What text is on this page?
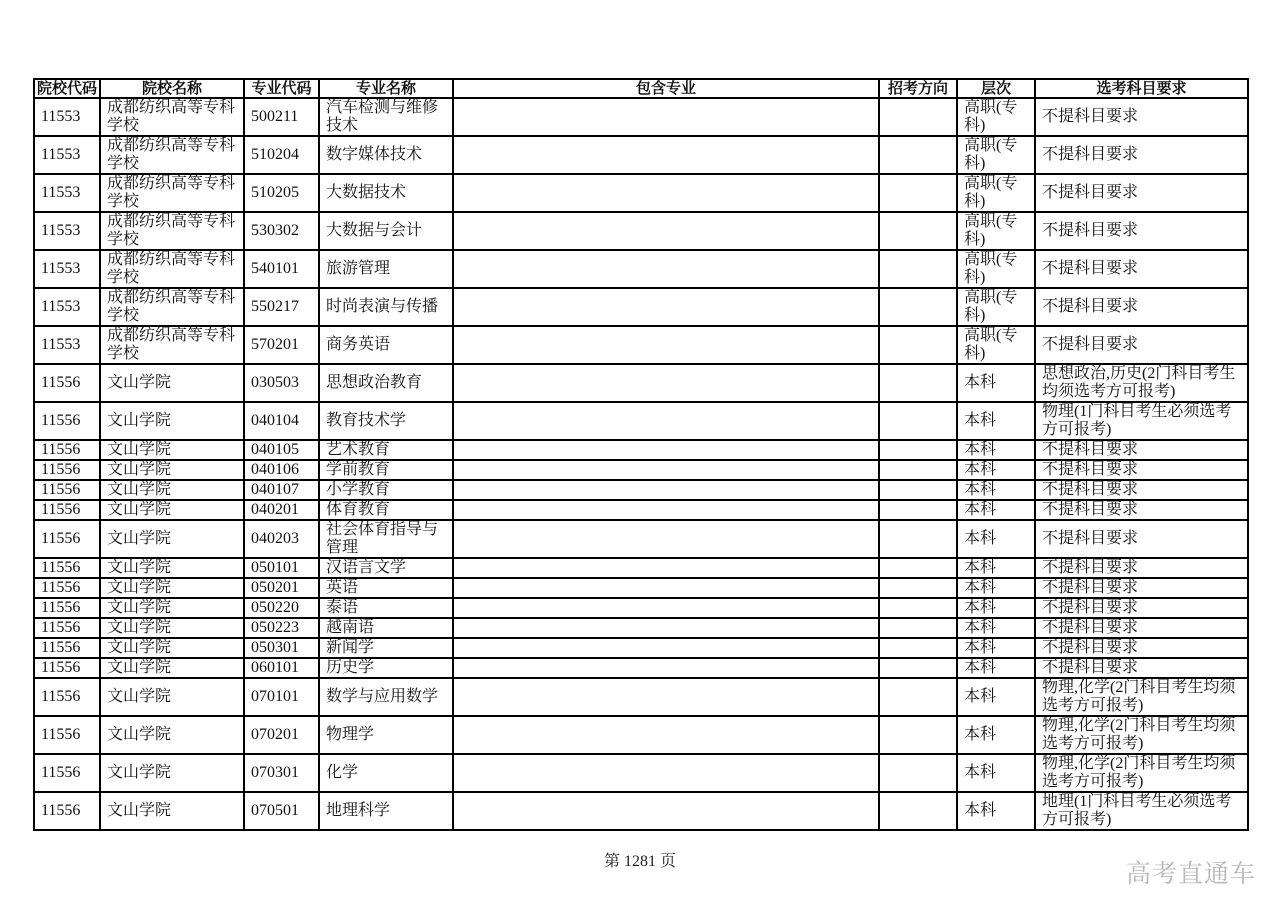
院校代码	院校名称	专业代码	专业名称	包含专业	招考方向	层次	选考科目要求
11553	成都纺织高等专科学校	500211	汽车检测与维修技术			高职(专科)	不提科目要求
11553	成都纺织高等专科学校	510204	数字媒体技术			高职(专科)	不提科目要求
11553	成都纺织高等专科学校	510205	大数据技术			高职(专科)	不提科目要求
11553	成都纺织高等专科学校	530302	大数据与会计			高职(专科)	不提科目要求
11553	成都纺织高等专科学校	540101	旅游管理			高职(专科)	不提科目要求
11553	成都纺织高等专科学校	550217	时尚表演与传播			高职(专科)	不提科目要求
11553	成都纺织高等专科学校	570201	商务英语			高职(专科)	不提科目要求
11556	文山学院	030503	思想政治教育			本科	思想政治,历史(2门科目考生均须选考方可报考)
11556	文山学院	040104	教育技术学			本科	物理(1门科目考生必须选考方可报考)
11556	文山学院	040105	艺术教育			本科	不提科目要求
11556	文山学院	040106	学前教育			本科	不提科目要求
11556	文山学院	040107	小学教育			本科	不提科目要求
11556	文山学院	040201	体育教育			本科	不提科目要求
11556	文山学院	040203	社会体育指导与管理			本科	不提科目要求
11556	文山学院	050101	汉语言文学			本科	不提科目要求
11556	文山学院	050201	英语			本科	不提科目要求
11556	文山学院	050220	泰语			本科	不提科目要求
11556	文山学院	050223	越南语			本科	不提科目要求
11556	文山学院	050301	新闻学			本科	不提科目要求
11556	文山学院	060101	历史学			本科	不提科目要求
11556	文山学院	070101	数学与应用数学			本科	物理,化学(2门科目考生均须选考方可报考)
11556	文山学院	070201	物理学			本科	物理,化学(2门科目考生均须选考方可报考)
11556	文山学院	070301	化学			本科	物理,化学(2门科目考生均须选考方可报考)
11556	文山学院	070501	地理科学			本科	地理(1门科目考生必须选考方可报考)
第 1281 页	高考直通车
